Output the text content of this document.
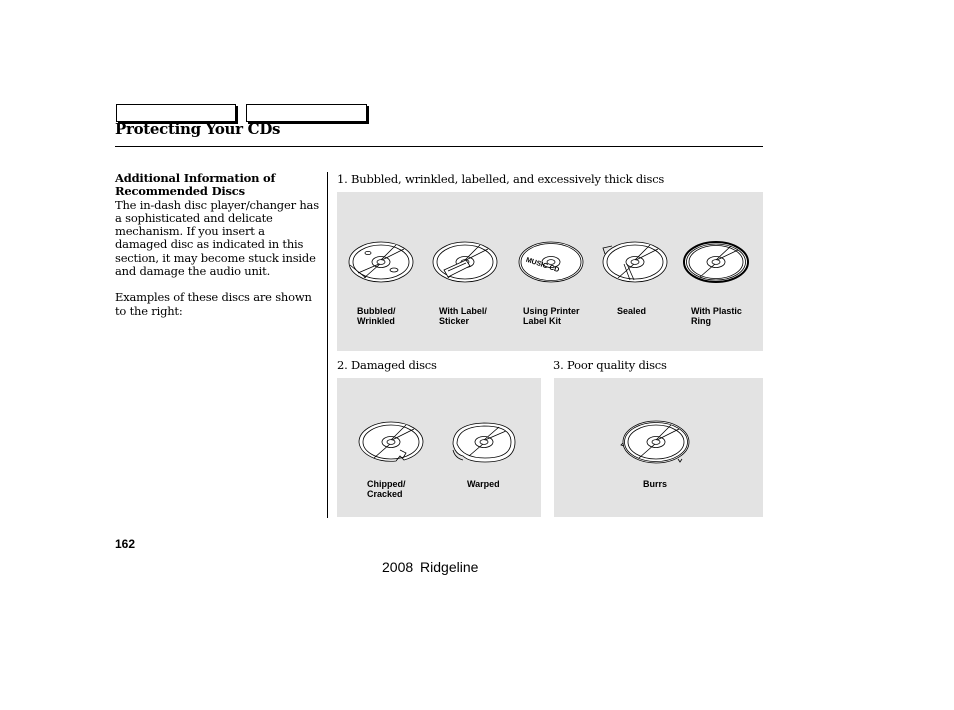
Protecting Your CDs
Additional Information of
Recommended Discs

The in-dash disc player/changer has a sophisticated and delicate mechanism. If you insert a damaged disc as indicated in this section, it may become stuck inside and damage the audio unit.

Examples of these discs are shown to the right:

1. Bubbled, wrinkled, labelled, and excessively thick discs
MUSIC CD
Bubbled/
Wrinkled
With Label/
Sticker
Using Printer
Label Kit
Sealed	With Plastic
Ring
2. Damaged discs
Chipped/
Cracked
Warped
3. Poor quality discs
Burrs
162
2008 Ridgeline
